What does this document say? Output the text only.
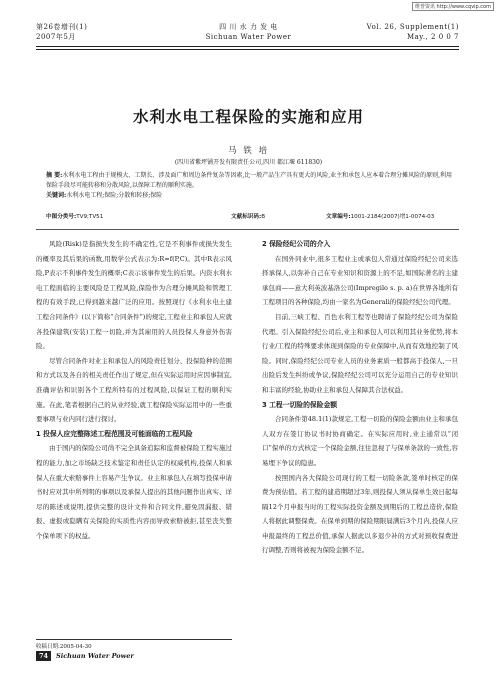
维普资讯 http://www.cqvip.com
第26卷增刊(1)
2007年5月
四 川 水 力 发 电
Sichuan Water Power
Vol. 26, Supplement(1)
May., 2 0 0 7
水利水电工程保险的实施和应用
马 铁 培
(四川省紫坪铺开发有限责任公司,四川 都江堰 611830)
摘 要:水利水电工程由于规模大、工期长、涉及面广和周边条件复杂等因素,比一般产品生产具有更大的风险,业主和承包人应本着合理分摊风险的原则,利用保险手段尽可能转移和分散风险,以保障工程的顺利实施。
关键词:水利水电工程;保险;分散和转移;保险
中图分类号:TV9;TV51	文献标识码:B	文章编号:1001-2184(2007)增1-0074-03

风险(Risk)是指损失发生的不确定性,它是不利事件或损失发生的概率及其后果的函数,用数学公式表示为:R=f(P,C)。其中R表示风险,P表示不利事件发生的概率;C表示该事件发生的后果。内资水利水电工程面临的主要风险是工程风险,保险作为合理分摊风险和管理工程的有效手段,已得到越来越广泛的应用。按照现行《水利水电土建工程合同条件》(以下简称“合同条件”)的规定,工程业主和承包人应就各投保建筑(安装)工程一切险,并为其雇用的人员投保人身意外伤害险。

尽管合同条件对业主和承包人的风险责任划分、投保险种的范围和方式以及各自的相关责任作出了规定,但在实际运用时应因事制宜,准确评估和识别各个工程所特有的过程风险,以保证工程的顺利实施。在此,笔者根据自己的从业经验,就工程保险实际运用中的一些重要事项与业内同行进行探讨。

1 投保人应完整陈述工程范围及可能面临的工程风险

由于国内的保险公司尚不完全具备追踪和监督被保险工程实施过程的能力,加之市场缺乏技术鉴定和责任认定的权威机构,投保人和承保人在重大索赔事件上容易产生争议。业主和承包人在填写投保申请书时应对其中所列明的事项以及承保人提出的其他问题作出真实、详尽的陈述或说明,提供完整的设计文件和合同文件,避免因漏报、错报、虚报或隐瞒有关保险的实质性内容而导致索赔被拒,甚至丧失整个保单项下的权益。

2 保险经纪公司的介入

在国外同业中,很多工程业主或承包人常通过保险经纪公司来选择承保人,以弥补自己在专业知识和资源上的不足,如国际著名的主建承包商——意大利英波基洛公司(Impregilo s. p. a)在世界各地所有工程项目的各种保险,均由一家名为Generali的保险经纪公司代理。

目前,三峡工程、百色水利工程等也聘请了保险经纪公司为保险代理。引入保险经纪公司后,业主和承包人可以利用其业务优势,将本行业/工程的特殊要求体现到保险的专业保障中,从而有效地控制了风险。同时,保险经纪公司专业人员的业务素质一般都高于投保人,一旦出险后发生纠纷或争议,保险经纪公司可以充分运用自己的专业知识和丰富的经验,协助业主和承包人保障其合法权益。

3 工程一切险的保险金额

合同条件第48.1(1)款规定,工程一切险的保险金额由业主和承包人双方在签订协议书时协商确定。在实际应用时,业主通常以“闭口”保单的方式核定一个保险金额,往往忽视了与保单条款的一致性,容易埋下争议的隐患。

按照国内各大保险公司现行的工程一切险条款,签单时核定的保费为预估值。若工程的建造期超过3年,则投保人须从保单生效日起每隔12个月申报当时的工程实际投资金额及到期后的工程总造价,保险人将据此调整保费。在保单到期的保险期限届满后3个月内,投保人应申报最终的工程总价值,承保人据此以多退少补的方式对预收保费进行调整,否则将被视为保险金额不足。

收稿日期:2005-04-30
74 Sichuan Water Power
